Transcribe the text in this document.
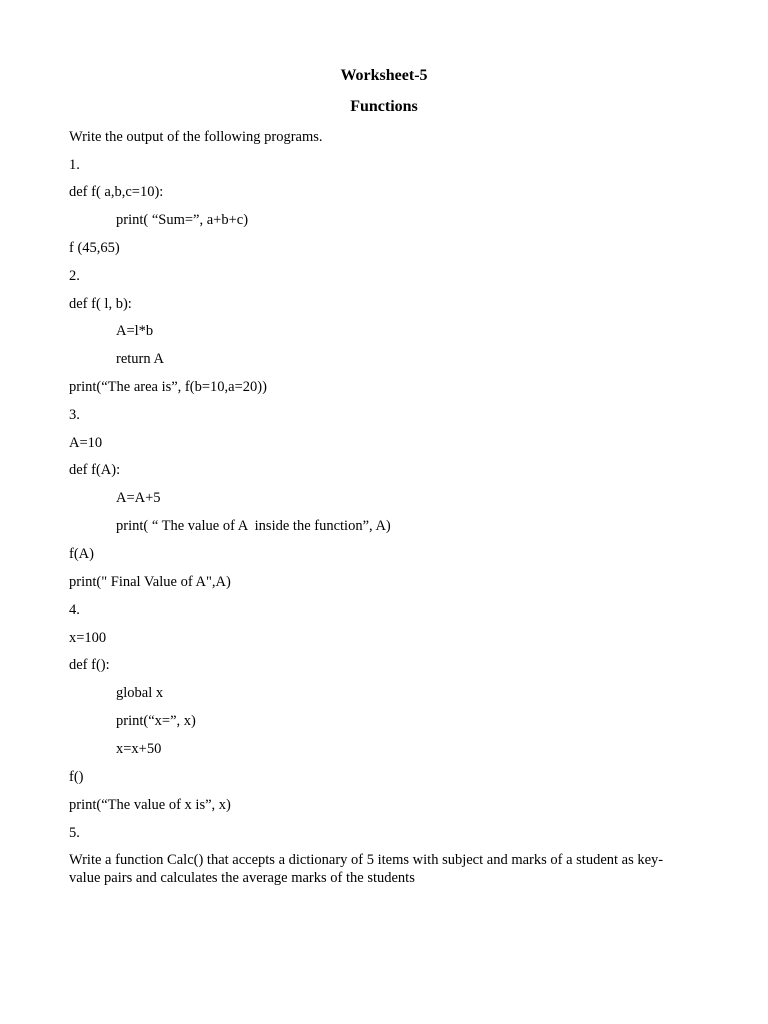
Worksheet-5
Functions
Write the output of the following programs.
1.
def f( a,b,c=10):
print( “Sum=”, a+b+c)
f (45,65)
2.
def f( l, b):
A=l*b
return A
print(“The area is”, f(b=10,a=20))
3.
A=10
def f(A):
A=A+5
print( “ The value of A  inside the function”, A)
f(A)
print(" Final Value of A",A)
4.
x=100
def f():
global x
print(“x=”, x)
x=x+50
f()
print(“The value of x is”, x)
5.
Write a function Calc() that accepts a dictionary of 5 items with subject and marks of a student as key-value pairs and calculates the average marks of the students
